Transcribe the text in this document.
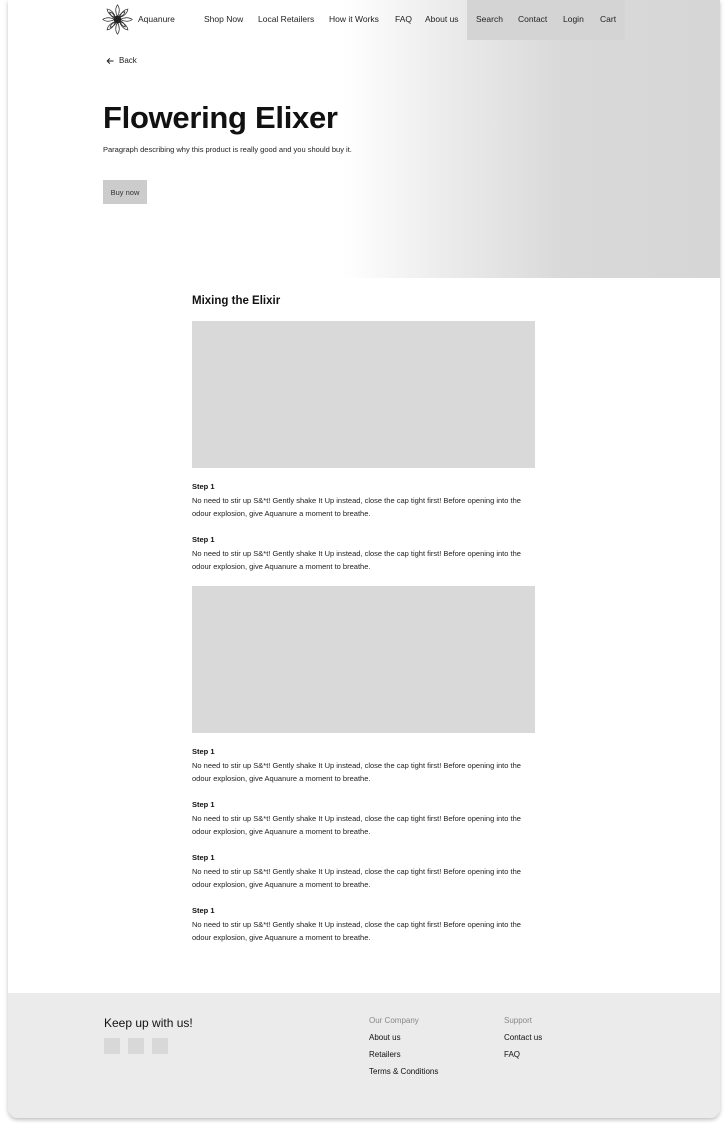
Aquanure	Shop Now Local Retailers How it Works FAQ About us Search Contact Login Cart
Back
Flowering Elixer

Paragraph describing why this product is really good and you should buy it.

Buy now
Mixing the Elixir
Step 1
No need to stir up S&*t! Gently shake It Up instead, close the cap tight first! Before opening into the odour explosion, give Aquanure a moment to breathe.
Step 1
No need to stir up S&*t! Gently shake It Up instead, close the cap tight first! Before opening into the odour explosion, give Aquanure a moment to breathe.
Step 1
No need to stir up S&*t! Gently shake It Up instead, close the cap tight first! Before opening into the odour explosion, give Aquanure a moment to breathe.
Step 1
No need to stir up S&*t! Gently shake It Up instead, close the cap tight first! Before opening into the odour explosion, give Aquanure a moment to breathe.
Step 1
No need to stir up S&*t! Gently shake It Up instead, close the cap tight first! Before opening into the odour explosion, give Aquanure a moment to breathe.
Step 1
No need to stir up S&*t! Gently shake It Up instead, close the cap tight first! Before opening into the odour explosion, give Aquanure a moment to breathe.
Keep up with us!	Our Company
About us
Retailers
Terms & Conditions
Support
Contact us
FAQ
